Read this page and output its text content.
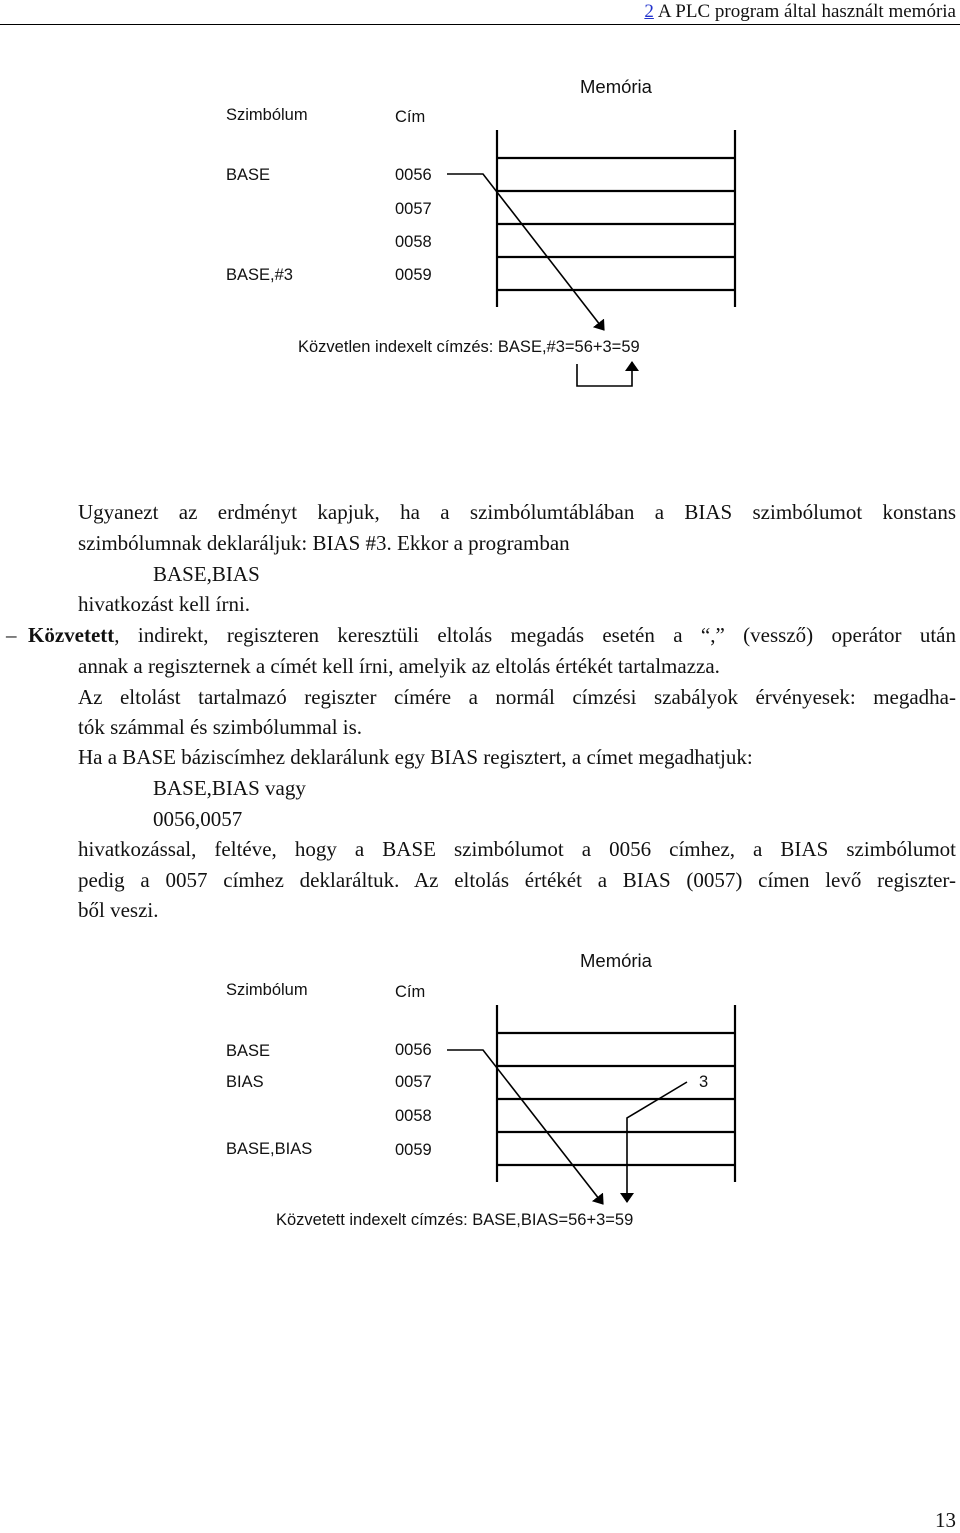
2 A PLC program által használt memória
Szimbólum	Cím
Memória
BASE	0056
0057
0058
BASE,#3	0059
Közvetlen indexelt címzés: BASE,#3=56+3=59
Ugyanezt az erdményt kapjuk, ha a szimbólumtáblában a BIAS szimbólumot konstans
szimbólumnak deklaráljuk: BIAS #3. Ekkor a programban
BASE,BIAS
hivatkozást kell írni.
– Közvetett, indirekt, regiszteren keresztüli eltolás megadás esetén a “,” (vessző) operátor után
annak a regiszternek a címét kell írni, amelyik az eltolás értékét tartalmazza.
Az eltolást tartalmazó regiszter címére a normál címzési szabályok érvényesek: megadha-
tók számmal és szimbólummal is.
Ha a BASE báziscímhez deklarálunk egy BIAS regisztert, a címet megadhatjuk:
BASE,BIAS vagy
0056,0057
hivatkozással, feltéve, hogy a BASE szimbólumot a 0056 címhez, a BIAS szimbólumot
pedig a 0057 címhez deklaráltuk. Az eltolás értékét a BIAS (0057) címen levő regiszter-
ből veszi.
Szimbólum	Cím
Memória
BASE	0056
BIAS	0057	3
0058
BASE,BIAS	0059
Közvetett indexelt címzés: BASE,BIAS=56+3=59
13
